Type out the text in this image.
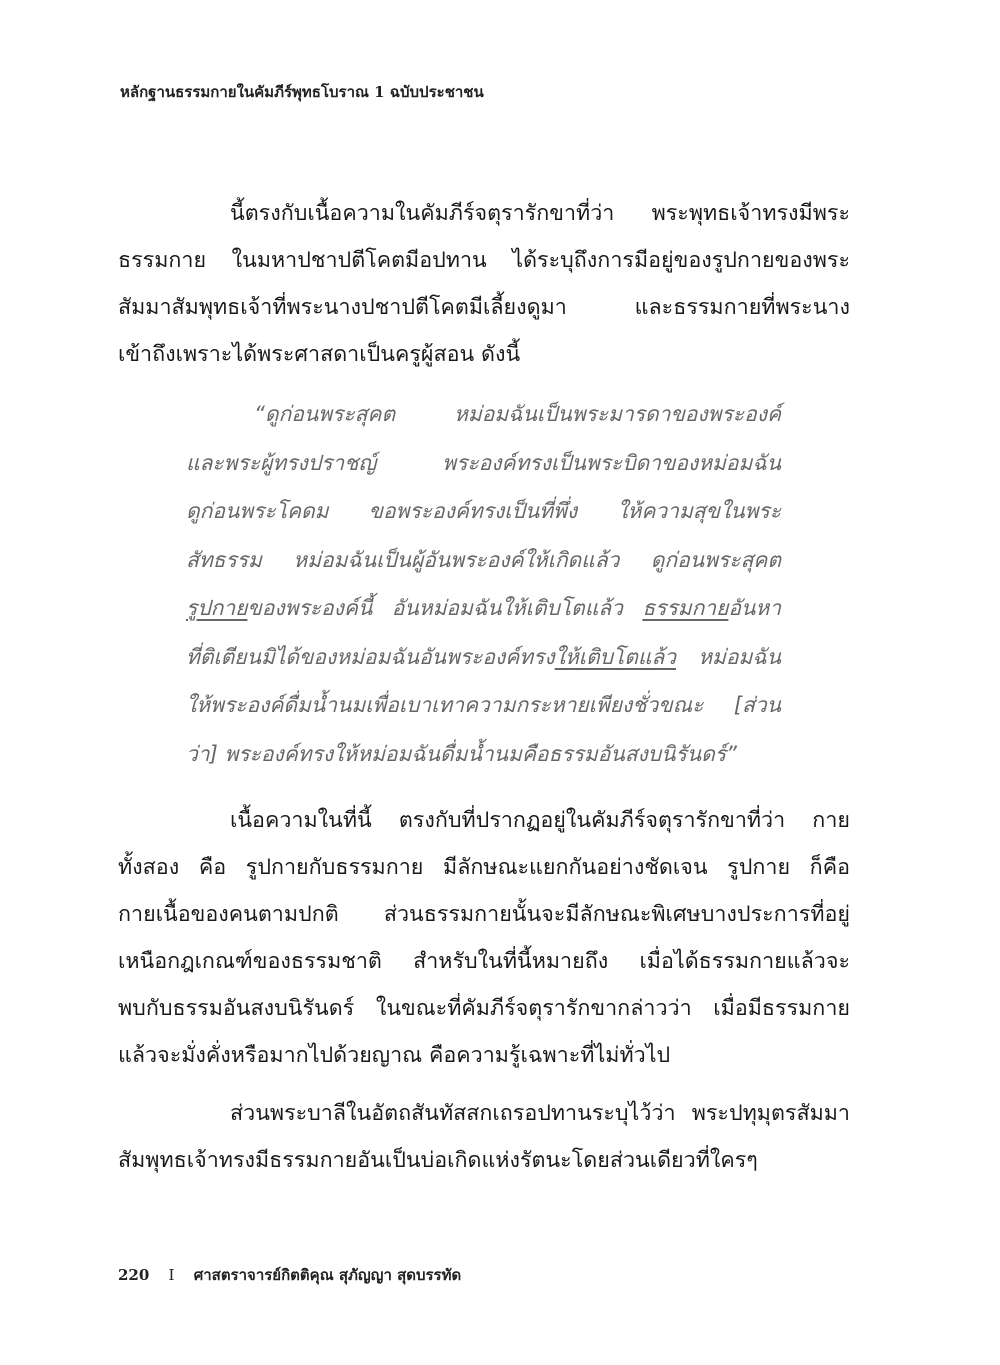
หลักฐานธรรมกายในคัมภีร์พุทธโบราณ 1 ฉบับประชาชน
นี้ตรงกับเนื้อความในคัมภีร์จตุรารักขาที่ว่า พระพุทธเจ้าทรงมีพระ
ธรรมกาย ในมหาปชาปตีโคตมีอปทาน ได้ระบุถึงการมีอยู่ของรูปกายของพระ
สัมมาสัมพุทธเจ้าที่พระนางปชาปตีโคตมีเลี้ยงดูมา และธรรมกายที่พระนาง
เข้าถึงเพราะได้พระศาสดาเป็นครูผู้สอน ดังนี้
“ดูก่อนพระสุคต หม่อมฉันเป็นพระมารดาของพระองค์
และพระผู้ทรงปราชญ์ พระองค์ทรงเป็นพระบิดาของหม่อมฉัน
ดูก่อนพระโคดม ขอพระองค์ทรงเป็นที่พึ่ง ให้ความสุขในพระ
สัทธรรม หม่อมฉันเป็นผู้อันพระองค์ให้เกิดแล้ว ดูก่อนพระสุคต
รูปกายของพระองค์นี้ อันหม่อมฉันให้เติบโตแล้ว ธรรมกายอันหา
ที่ติเตียนมิได้ของหม่อมฉันอันพระองค์ทรงให้เติบโตแล้ว หม่อมฉัน
ให้พระองค์ดื่มน้ำนมเพื่อเบาเทาความกระหายเพียงชั่วขณะ [ส่วน
ว่า] พระองค์ทรงให้หม่อมฉันดื่มน้ำนมคือธรรมอันสงบนิรันดร์”
เนื้อความในที่นี้ ตรงกับที่ปรากฏอยู่ในคัมภีร์จตุรารักขาที่ว่า กาย
ทั้งสอง คือ รูปกายกับธรรมกาย มีลักษณะแยกกันอย่างชัดเจน รูปกาย ก็คือ
กายเนื้อของคนตามปกติ ส่วนธรรมกายนั้นจะมีลักษณะพิเศษบางประการที่อยู่
เหนือกฎเกณฑ์ของธรรมชาติ สำหรับในที่นี้หมายถึง เมื่อได้ธรรมกายแล้วจะ
พบกับธรรมอันสงบนิรันดร์ ในขณะที่คัมภีร์จตุรารักขากล่าวว่า เมื่อมีธรรมกาย
แล้วจะมั่งคั่งหรือมากไปด้วยญาณ คือความรู้เฉพาะที่ไม่ทั่วไป
ส่วนพระบาลีในอัตถสันทัสสกเถรอปทานระบุไว้ว่า พระปทุมุตรสัมมา
สัมพุทธเจ้าทรงมีธรรมกายอันเป็นบ่อเกิดแห่งรัตนะโดยส่วนเดียวที่ใครๆ
220 I ศาสตราจารย์กิตติคุณ สุภัญญา สุดบรรทัด
